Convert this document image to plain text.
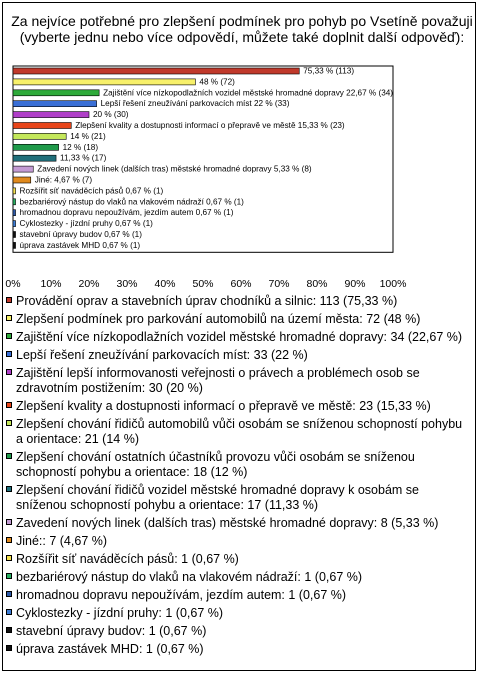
Za nejvíce potřebné pro zlepšení podmínek pro pohyb po Vsetíně považuji (vyberte jednu nebo více odpovědí, můžete také doplnit další odpověď):
75,33 % (113)
48 % (72)
Zajištění více nízkopodlažních vozidel městské hromadné dopravy 22,67 % (34)
Lepší řešení zneužívání parkovacích míst 22 % (33)
20 % (30)
Zlepšení kvality a dostupnosti informací o přepravě ve městě 15,33 % (23)
14 % (21)
12 % (18)
11,33 % (17)
Zavedení nových linek (dalších tras) městské hromadné dopravy 5,33 % (8)
Jiné: 4,67 % (7)
Rozšířit síť naváděcích pásů 0,67 % (1)
bezbariérový nástup do vlaků na vlakovém nádraží 0,67 % (1)
hromadnou dopravu nepoužívám, jezdím autem 0,67 % (1)
Cyklostezky - jízdní pruhy 0,67 % (1)
stavební úpravy budov 0,67 % (1)
úprava zastávek MHD 0,67 % (1)
0% 10% 20% 30% 40% 50% 60% 70% 80% 90% 100%
Provádění oprav a stavebních úprav chodníků a silnic: 113 (75,33 %)
Zlepšení podmínek pro parkování automobilů na území města: 72 (48 %)
Zajištění více nízkopodlažních vozidel městské hromadné dopravy: 34 (22,67 %)
Lepší řešení zneužívání parkovacích míst: 33 (22 %)
Zajištění lepší informovanosti veřejnosti o právech a problémech osob se zdravotním postižením: 30 (20 %)
Zlepšení kvality a dostupnosti informací o přepravě ve městě: 23 (15,33 %)
Zlepšení chování řidičů automobilů vůči osobám se sníženou schopností pohybu a orientace: 21 (14 %)
Zlepšení chování ostatních účastníků provozu vůči osobám se sníženou schopností pohybu a orientace: 18 (12 %)
Zlepšení chování řidičů vozidel městské hromadné dopravy k osobám se sníženou schopností pohybu a orientace: 17 (11,33 %)
Zavedení nových linek (dalších tras) městské hromadné dopravy: 8 (5,33 %)
Jiné:: 7 (4,67 %)
Rozšířit síť naváděcích pásů: 1 (0,67 %)
bezbariérový nástup do vlaků na vlakovém nádraží: 1 (0,67 %)
hromadnou dopravu nepoužívám, jezdím autem: 1 (0,67 %)
Cyklostezky - jízdní pruhy: 1 (0,67 %)
stavební úpravy budov: 1 (0,67 %)
úprava zastávek MHD: 1 (0,67 %)
